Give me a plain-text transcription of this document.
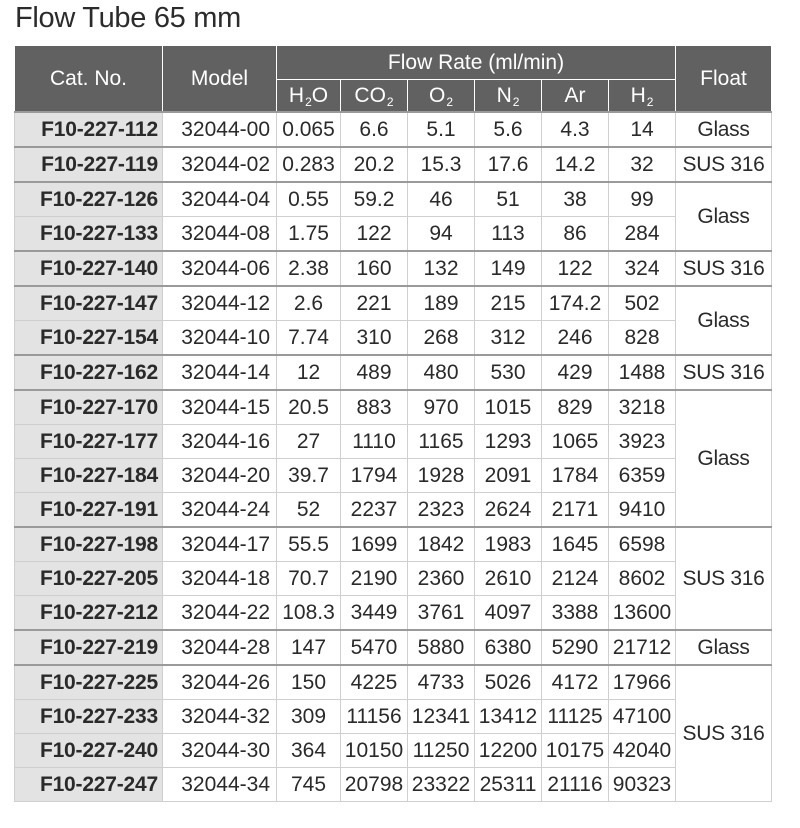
Flow Tube 65 mm
Cat. No.	Model	Flow Rate (ml/min)						Float
		$H_2O$	$CO_2$	$O_2$	$N_2$	Ar	$H_2$
F10-227-112	32044-00	0.065	6.6	5.1	5.6	4.3	14	Glass
F10-227-119	32044-02	0.283	20.2	15.3	17.6	14.2	32	SUS 316
F10-227-126	32044-04	0.55	59.2	46	51	38	99	Glass
F10-227-133	32044-08	1.75	122	94	113	86	284	
F10-227-140	32044-06	2.38	160	132	149	122	324	SUS 316
F10-227-147	32044-12	2.6	221	189	215	174.2	502	Glass
F10-227-154	32044-10	7.74	310	268	312	246	828	
F10-227-162	32044-14	12	489	480	530	429	1488	SUS 316
F10-227-170	32044-15	20.5	883	970	1015	829	3218	Glass
F10-227-177	32044-16	27	1110	1165	1293	1065	3923	
F10-227-184	32044-20	39.7	1794	1928	2091	1784	6359	
F10-227-191	32044-24	52	2237	2323	2624	2171	9410	
F10-227-198	32044-17	55.5	1699	1842	1983	1645	6598	SUS 316
F10-227-205	32044-18	70.7	2190	2360	2610	2124	8602	
F10-227-212	32044-22	108.3	3449	3761	4097	3388	13600	
F10-227-219	32044-28	147	5470	5880	6380	5290	21712	Glass
F10-227-225	32044-26	150	4225	4733	5026	4172	17966	SUS 316
F10-227-233	32044-32	309	11156	12341	13412	11125	47100	
F10-227-240	32044-30	364	10150	11250	12200	10175	42040	
F10-227-247	32044-34	745	20798	23322	25311	21116	90323	
